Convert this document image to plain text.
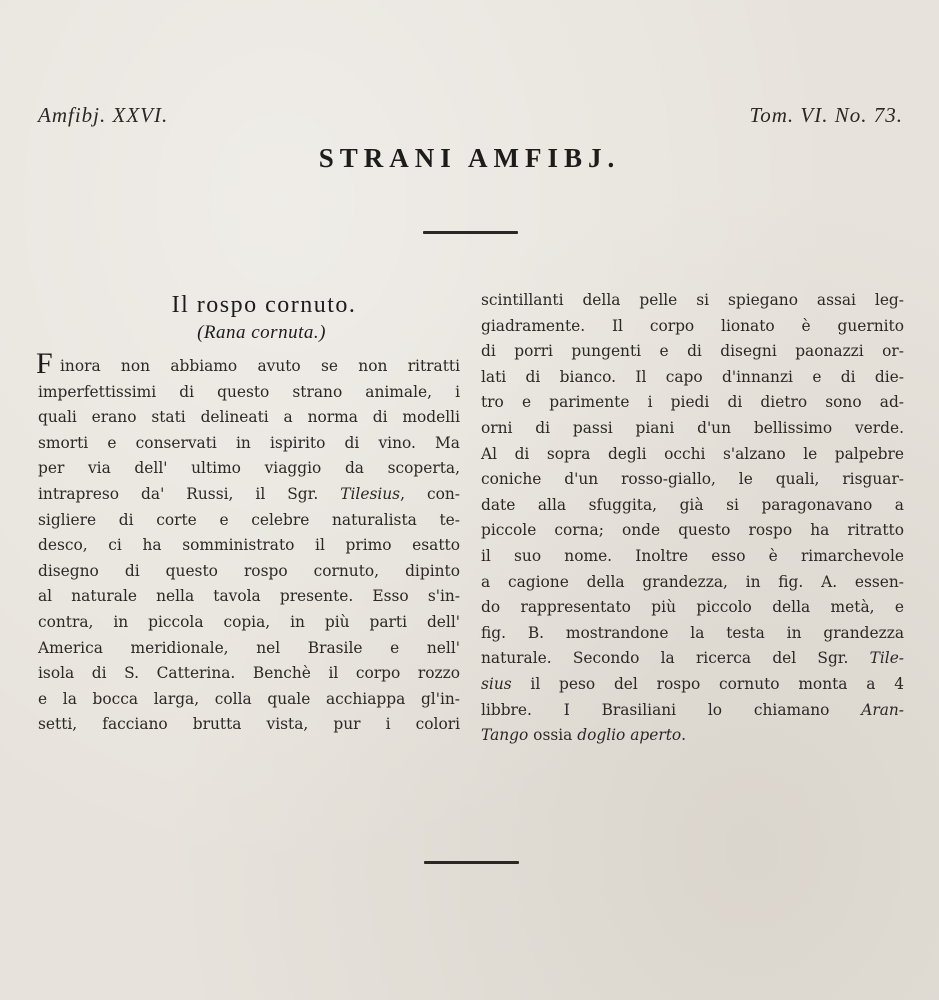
Amfibj. XXVI.	Tom. VI. No. 73.
STRANI AMFIBJ.
Il rospo cornuto.
(Rana cornuta.)
F inora non abbiamo avuto se non ritratti
imperfettissimi di questo strano animale, i
quali erano stati delineati a norma di modelli
smorti e conservati in ispirito di vino. Ma
per via dell' ultimo viaggio da scoperta,
intrapreso da' Russi, il Sgr. Tilesius, con-
sigliere di corte e celebre naturalista te-
desco, ci ha somministrato il primo esatto
disegno di questo rospo cornuto, dipinto
al naturale nella tavola presente. Esso s'in-
contra, in piccola copia, in più parti dell'
America meridionale, nel Brasile e nell'
isola di S. Catterina. Benchè il corpo rozzo
e la bocca larga, colla quale acchiappa gl'in-
setti, facciano brutta vista, pur i colori
scintillanti della pelle si spiegano assai leg-
giadramente. Il corpo lionato è guernito
di porri pungenti e di disegni paonazzi or-
lati di bianco. Il capo d'innanzi e di die-
tro e parimente i piedi di dietro sono ad-
orni di passi piani d'un bellissimo verde.
Al di sopra degli occhi s'alzano le palpebre
coniche d'un rosso-giallo, le quali, risguar-
date alla sfuggita, già si paragonavano a
piccole corna; onde questo rospo ha ritratto
il suo nome. Inoltre esso è rimarchevole
a cagione della grandezza, in fig. A. essen-
do rappresentato più piccolo della metà, e
fig. B. mostrandone la testa in grandezza
naturale. Secondo la ricerca del Sgr. Tile-
sius il peso del rospo cornuto monta a 4
libbre. I Brasiliani lo chiamano Aran-
Tango ossia doglio aperto.
